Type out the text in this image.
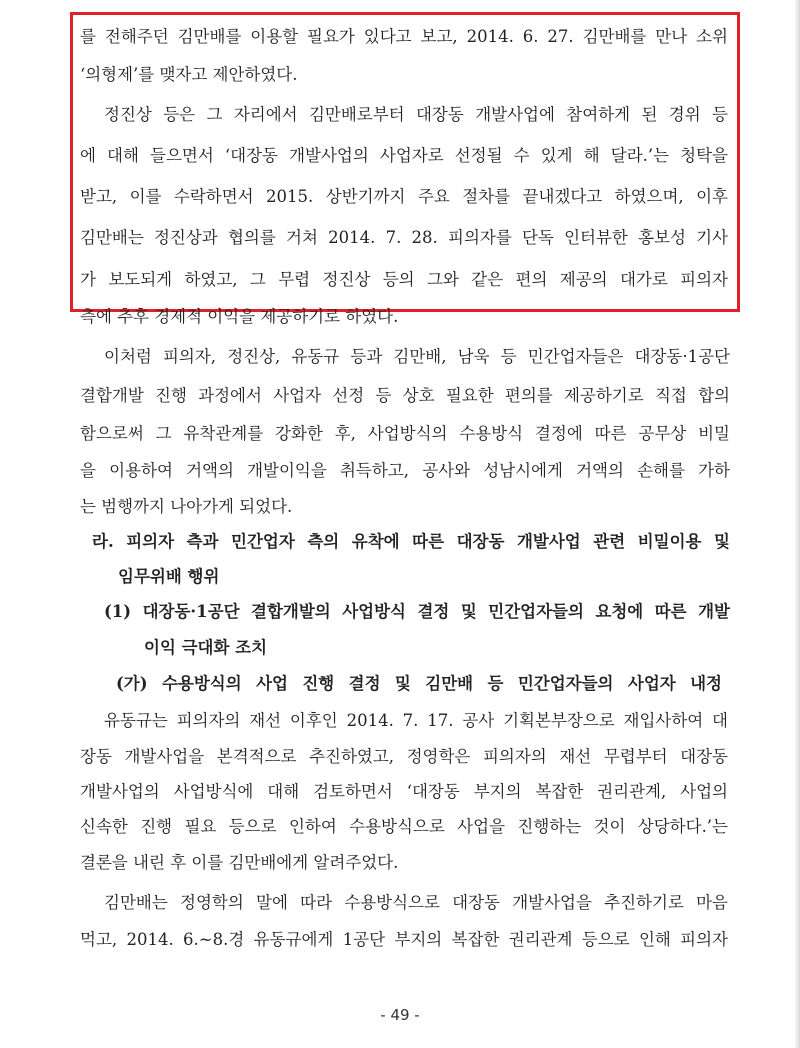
를 전해주던 김만배를 이용할 필요가 있다고 보고, 2014. 6. 27. 김만배를 만나 소위
‘의형제’를 맺자고 제안하였다.
정진상 등은 그 자리에서 김만배로부터 대장동 개발사업에 참여하게 된 경위 등
에 대해 들으면서 ‘대장동 개발사업의 사업자로 선정될 수 있게 해 달라.’는 청탁을
받고, 이를 수락하면서 2015. 상반기까지 주요 절차를 끝내겠다고 하였으며, 이후
김만배는 정진상과 협의를 거쳐 2014. 7. 28. 피의자를 단독 인터뷰한 홍보성 기사
가 보도되게 하였고, 그 무렵 정진상 등의 그와 같은 편의 제공의 대가로 피의자
측에 추후 경제적 이익을 제공하기로 하였다.
이처럼 피의자, 정진상, 유동규 등과 김만배, 남욱 등 민간업자들은 대장동·1공단
결합개발 진행 과정에서 사업자 선정 등 상호 필요한 편의를 제공하기로 직접 합의
함으로써 그 유착관계를 강화한 후, 사업방식의 수용방식 결정에 따른 공무상 비밀
을 이용하여 거액의 개발이익을 취득하고, 공사와 성남시에게 거액의 손해를 가하
는 범행까지 나아가게 되었다.
라. 피의자 측과 민간업자 측의 유착에 따른 대장동 개발사업 관련 비밀이용 및
임무위배 행위
(1) 대장동·1공단 결합개발의 사업방식 결정 및 민간업자들의 요청에 따른 개발
이익 극대화 조치
(가) 수용방식의 사업 진행 결정 및 김만배 등 민간업자들의 사업자 내정
유동규는 피의자의 재선 이후인 2014. 7. 17. 공사 기획본부장으로 재입사하여 대
장동 개발사업을 본격적으로 추진하였고, 정영학은 피의자의 재선 무렵부터 대장동
개발사업의 사업방식에 대해 검토하면서 ‘대장동 부지의 복잡한 권리관계, 사업의
신속한 진행 필요 등으로 인하여 수용방식으로 사업을 진행하는 것이 상당하다.’는
결론을 내린 후 이를 김만배에게 알려주었다.
김만배는 정영학의 말에 따라 수용방식으로 대장동 개발사업을 추진하기로 마음
먹고, 2014. 6.~8.경 유동규에게 1공단 부지의 복잡한 권리관계 등으로 인해 피의자
- 49 -
